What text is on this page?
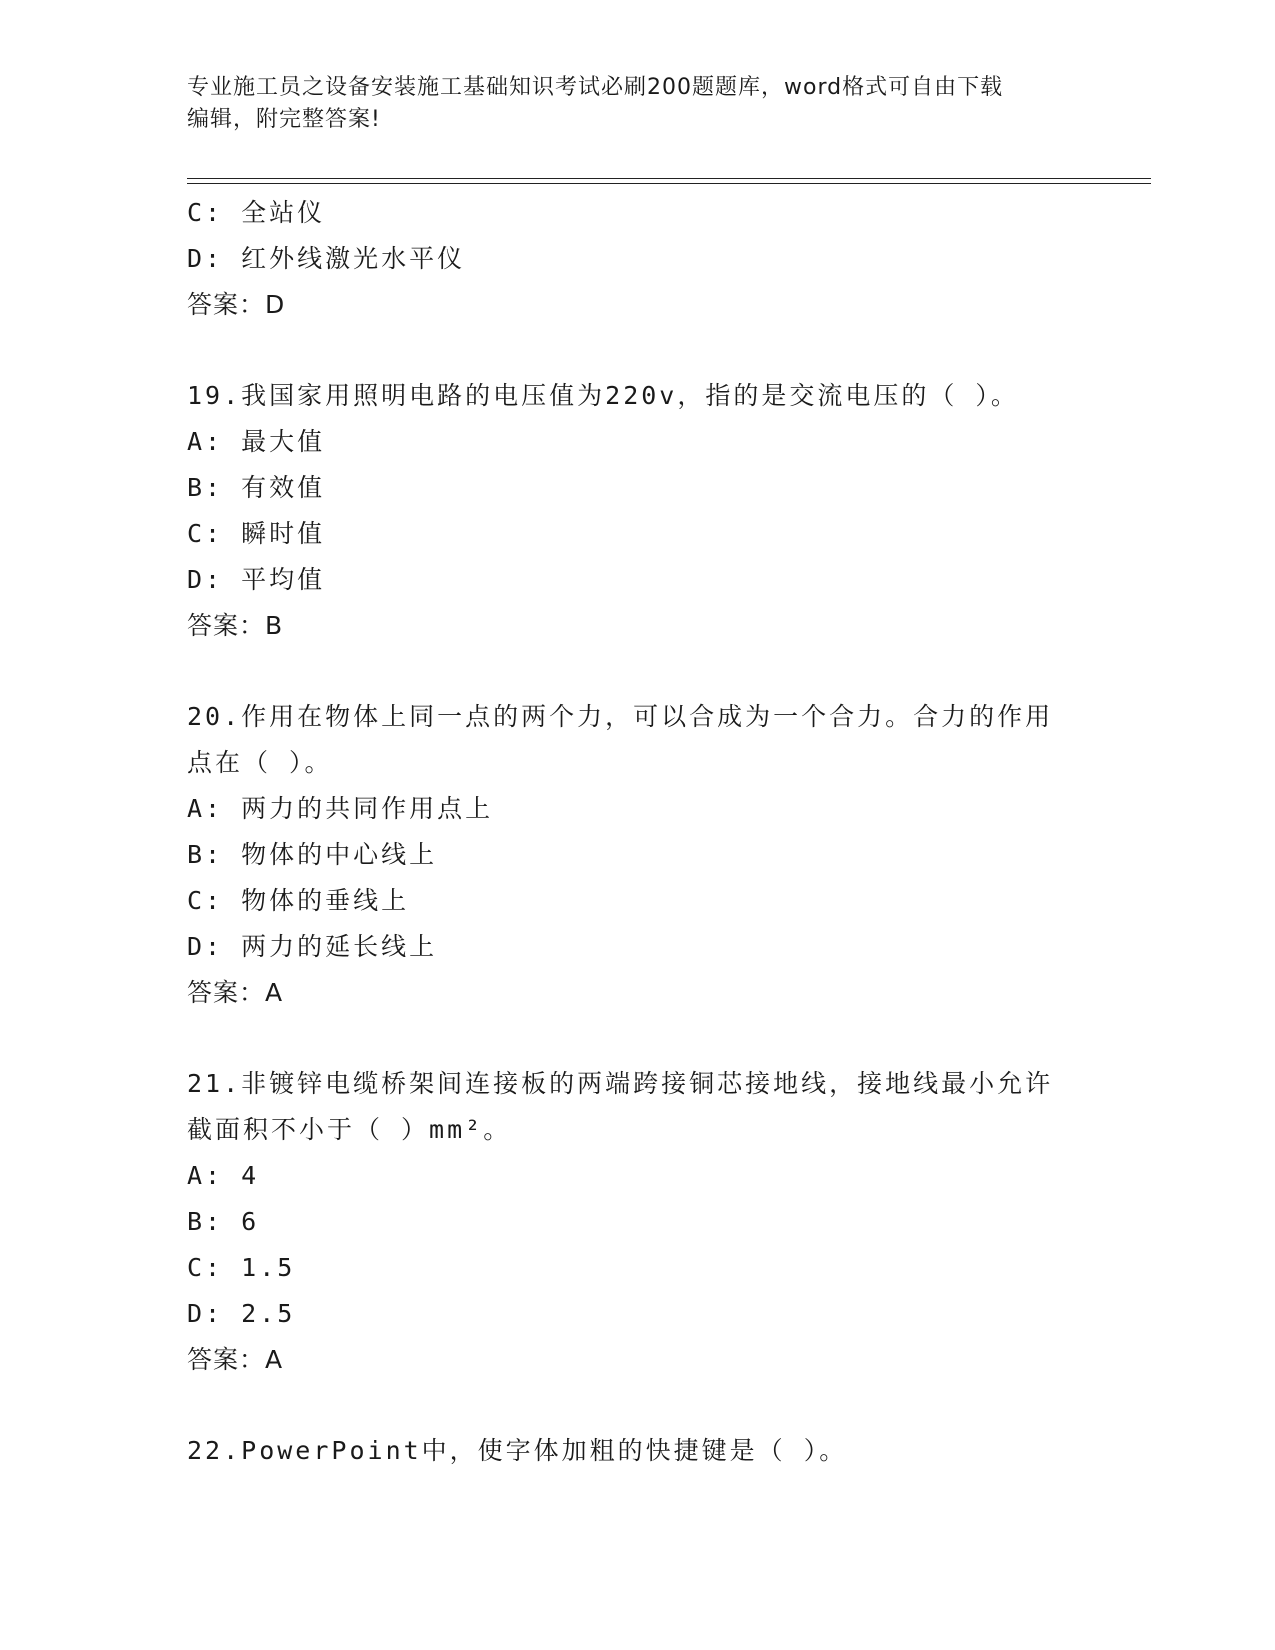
专业施工员之设备安装施工基础知识考试必刷200题题库，word格式可自由下载
编辑，附完整答案!
C: 全站仪
D: 红外线激光水平仪
答案：D
19.我国家用照明电路的电压值为220v，指的是交流电压的（ ）。
A: 最大值
B: 有效值
C: 瞬时值
D: 平均值
答案：B
20.作用在物体上同一点的两个力，可以合成为一个合力。合力的作用
点在（ ）。
A: 两力的共同作用点上
B: 物体的中心线上
C: 物体的垂线上
D: 两力的延长线上
答案：A
21.非镀锌电缆桥架间连接板的两端跨接铜芯接地线，接地线最小允许
截面积不小于（ ）mm²。
A: 4
B: 6
C: 1.5
D: 2.5
答案：A
22.PowerPoint中，使字体加粗的快捷键是（ ）。
